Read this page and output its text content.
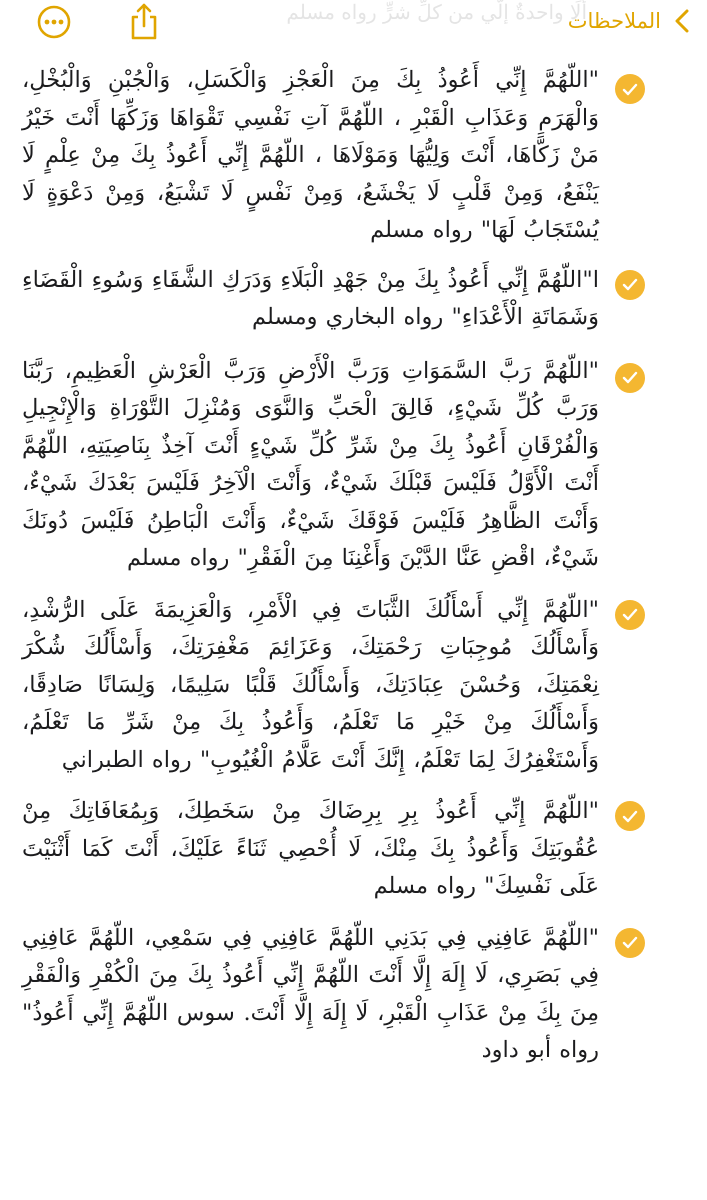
ألَا واحدةٌ إلّي من كلِّ شرٍّ رواه مسلم
الملاحظات
"اللّهُمَّ إِنِّي أَعُوذُ بِكَ مِنَ الْعَجْزِ وَالْكَسَلِ، وَالْجُبْنِ وَالْبُخْلِ، وَالْهَرَمِ وَعَذَابِ الْقَبْرِ ، اللّهُمَّ آتِ نَفْسِي تَقْوَاهَا وَزَكِّهَا أَنْتَ خَيْرُ مَنْ زَكَّاهَا، أَنْتَ وَلِيُّهَا وَمَوْلَاهَا ، اللّهُمَّ إِنِّي أَعُوذُ بِكَ مِنْ عِلْمٍ لَا يَنْفَعُ، وَمِنْ قَلْبٍ لَا يَخْشَعُ، وَمِنْ نَفْسٍ لَا تَشْبَعُ، وَمِنْ دَعْوَةٍ لَا يُسْتَجَابُ لَهَا" رواه مسلم
ا"اللّهُمَّ إِنِّي أَعُوذُ بِكَ مِنْ جَهْدِ الْبَلَاءِ وَدَرَكِ الشَّقَاءِ وَسُوءِ الْقَضَاءِ وَشَمَاتَةِ الْأَعْدَاءِ" رواه البخاري ومسلم
"اللّهُمَّ رَبَّ السَّمَوَاتِ وَرَبَّ الْأَرْضِ وَرَبَّ الْعَرْشِ الْعَظِيمِ، رَبَّنَا وَرَبَّ كُلِّ شَيْءٍ، فَالِقَ الْحَبِّ وَالنَّوَى وَمُنْزِلَ التَّوْرَاةِ وَالْإِنْجِيلِ وَالْفُرْقَانِ أَعُوذُ بِكَ مِنْ شَرِّ كُلِّ شَيْءٍ أَنْتَ آخِذٌ بِنَاصِيَتِهِ، اللّهُمَّ أَنْتَ الْأَوَّلُ فَلَيْسَ قَبْلَكَ شَيْءٌ، وَأَنْتَ الْآخِرُ فَلَيْسَ بَعْدَكَ شَيْءٌ، وَأَنْتَ الظَّاهِرُ فَلَيْسَ فَوْقَكَ شَيْءٌ، وَأَنْتَ الْبَاطِنُ فَلَيْسَ دُونَكَ شَيْءٌ، اقْضِ عَنَّا الدَّيْنَ وَأَغْنِنَا مِنَ الْفَقْرِ" رواه مسلم
"اللّهُمَّ إِنِّي أَسْأَلُكَ الثَّبَاتَ فِي الْأَمْرِ، وَالْعَزِيمَةَ عَلَى الرُّشْدِ، وَأَسْأَلُكَ مُوجِبَاتِ رَحْمَتِكَ، وَعَزَائِمَ مَغْفِرَتِكَ، وَأَسْأَلُكَ شُكْرَ نِعْمَتِكَ، وَحُسْنَ عِبَادَتِكَ، وَأَسْأَلُكَ قَلْبًا سَلِيمًا، وَلِسَانًا صَادِقًا، وَأَسْأَلُكَ مِنْ خَيْرِ مَا تَعْلَمُ، وَأَعُوذُ بِكَ مِنْ شَرِّ مَا تَعْلَمُ، وَأَسْتَغْفِرُكَ لِمَا تَعْلَمُ، إِنَّكَ أَنْتَ عَلَّامُ الْغُيُوبِ" رواه الطبراني
"اللّهُمَّ إِنِّي أَعُوذُ بِرِ بِرِضَاكَ مِنْ سَخَطِكَ، وَبِمُعَافَاتِكَ مِنْ عُقُوبَتِكَ وَأَعُوذُ بِكَ مِنْكَ، لَا أُحْصِي ثَنَاءً عَلَيْكَ، أَنْتَ كَمَا أَثْنَيْتَ عَلَى نَفْسِكَ" رواه مسلم
"اللّهُمَّ عَافِنِي فِي بَدَنِي اللّهُمَّ عَافِنِي فِي سَمْعِي، اللّهُمَّ عَافِنِي فِي بَصَرِي، لَا إِلَهَ إِلَّا أَنْتَ اللّهُمَّ إِنِّي أَعُوذُ بِكَ مِنَ الْكُفْرِ وَالْفَقْرِ مِنَ بِكَ مِنْ عَذَابِ الْقَبْرِ، لَا إِلَهَ إِلَّا أَنْتَ. سوس اللّهُمَّ إِنِّي أَعُوذُ" رواه أبو داود
